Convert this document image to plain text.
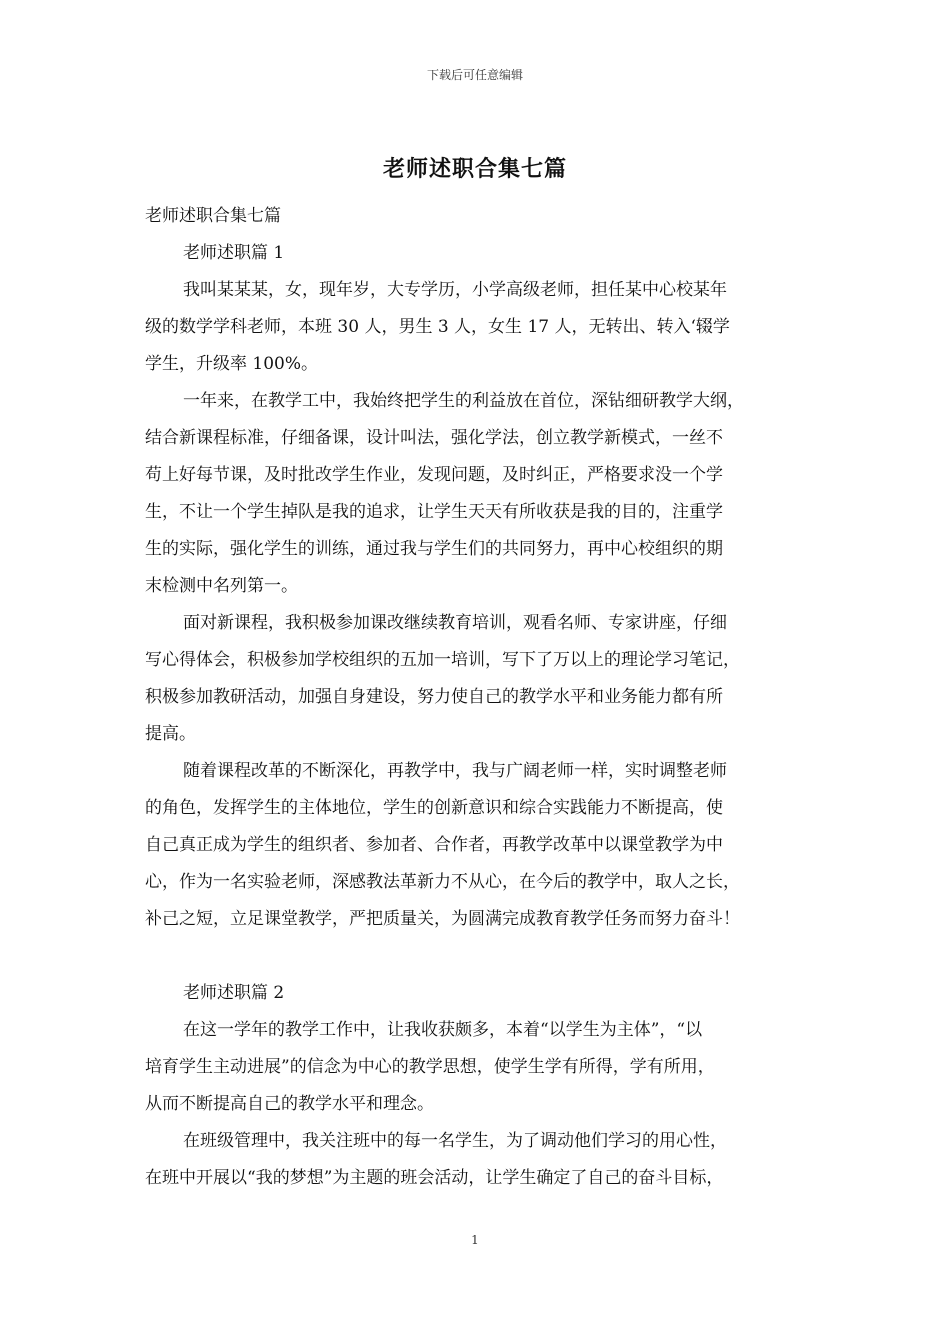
下载后可任意编辑
老师述职合集七篇
老师述职合集七篇
老师述职篇 1
我叫某某某，女，现年岁，大专学历，小学高级老师，担任某中心校某年
级的数学学科老师，本班 30 人，男生 3 人，女生 17 人，无转出、转入‘辍学
学生，升级率 100%。
一年来，在教学工中，我始终把学生的利益放在首位，深钻细研教学大纲，
结合新课程标准，仔细备课，设计叫法，强化学法，创立教学新模式，一丝不
苟上好每节课，及时批改学生作业，发现问题，及时纠正，严格要求没一个学
生，不让一个学生掉队是我的追求，让学生天天有所收获是我的目的，注重学
生的实际，强化学生的训练，通过我与学生们的共同努力，再中心校组织的期
末检测中名列第一。
面对新课程，我积极参加课改继续教育培训，观看名师、专家讲座，仔细
写心得体会，积极参加学校组织的五加一培训，写下了万以上的理论学习笔记，
积极参加教研活动，加强自身建设，努力使自己的教学水平和业务能力都有所
提高。
随着课程改革的不断深化，再教学中，我与广阔老师一样，实时调整老师
的角色，发挥学生的主体地位，学生的创新意识和综合实践能力不断提高，使
自己真正成为学生的组织者、参加者、合作者，再教学改革中以课堂教学为中
心，作为一名实验老师，深感教法革新力不从心，在今后的教学中，取人之长，
补己之短，立足课堂教学，严把质量关，为圆满完成教育教学任务而努力奋斗！
老师述职篇 2
在这一学年的教学工作中，让我收获颇多，本着“以学生为主体”，“以
培育学生主动进展”的信念为中心的教学思想，使学生学有所得，学有所用，
从而不断提高自己的教学水平和理念。
在班级管理中，我关注班中的每一名学生，为了调动他们学习的用心性，
在班中开展以“我的梦想”为主题的班会活动，让学生确定了自己的奋斗目标，
1
